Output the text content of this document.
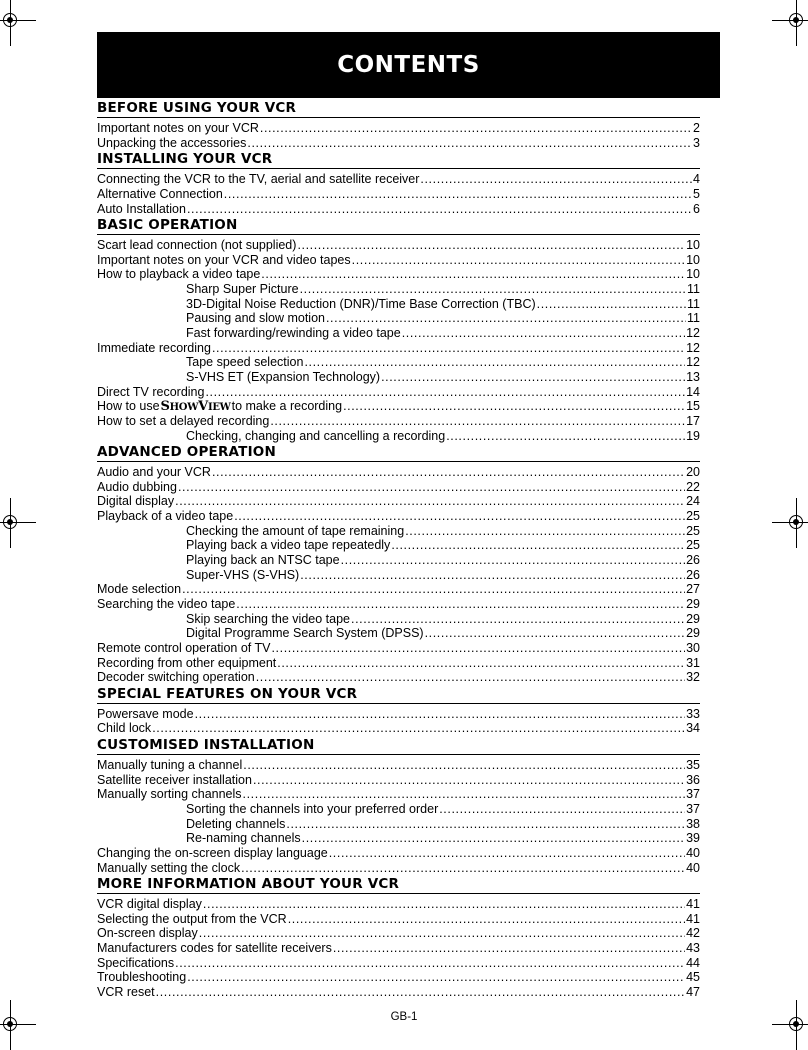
CONTENTS
BEFORE USING YOUR VCR
Important notes on your VCR .....	2
Unpacking the accessories .....	3
INSTALLING YOUR VCR
Connecting the VCR to the TV, aerial and satellite receiver .....	4
Alternative Connection .....	5
Auto Installation .....	6
BASIC OPERATION
Scart lead connection (not supplied) .....	10
Important notes on your VCR and video tapes .....	10
How to playback a video tape .....	10
Sharp Super Picture .....	11
3D-Digital Noise Reduction (DNR)/Time Base Correction (TBC) .....	11
Pausing and slow motion .....	11
Fast forwarding/rewinding a video tape .....	12
Immediate recording .....	12
Tape speed selection .....	12
S-VHS ET (Expansion Technology) .....	13
Direct TV recording .....	14
How to use SHOWVIEW to make a recording .....	15
How to set a delayed recording .....	17
Checking, changing and cancelling a recording .....	19
ADVANCED OPERATION
Audio and your VCR .....	20
Audio dubbing .....	22
Digital display .....	24
Playback of a video tape .....	25
Checking the amount of tape remaining .....	25
Playing back a video tape repeatedly .....	25
Playing back an NTSC tape .....	26
Super-VHS (S-VHS) .....	26
Mode selection .....	27
Searching the video tape .....	29
Skip searching the video tape .....	29
Digital Programme Search System (DPSS) .....	29
Remote control operation of TV .....	30
Recording from other equipment .....	31
Decoder switching operation .....	32
SPECIAL FEATURES ON YOUR VCR
Powersave mode .....	33
Child lock .....	34
CUSTOMISED INSTALLATION
Manually tuning a channel .....	35
Satellite receiver installation .....	36
Manually sorting channels .....	37
Sorting the channels into your preferred order .....	37
Deleting channels .....	38
Re-naming channels .....	39
Changing the on-screen display language .....	40
Manually setting the clock .....	40
MORE INFORMATION ABOUT YOUR VCR
VCR digital display .....	41
Selecting the output from the VCR .....	41
On-screen display .....	42
Manufacturers codes for satellite receivers .....	43
Specifications .....	44
Troubleshooting .....	45
VCR reset .....	47
GB-1
